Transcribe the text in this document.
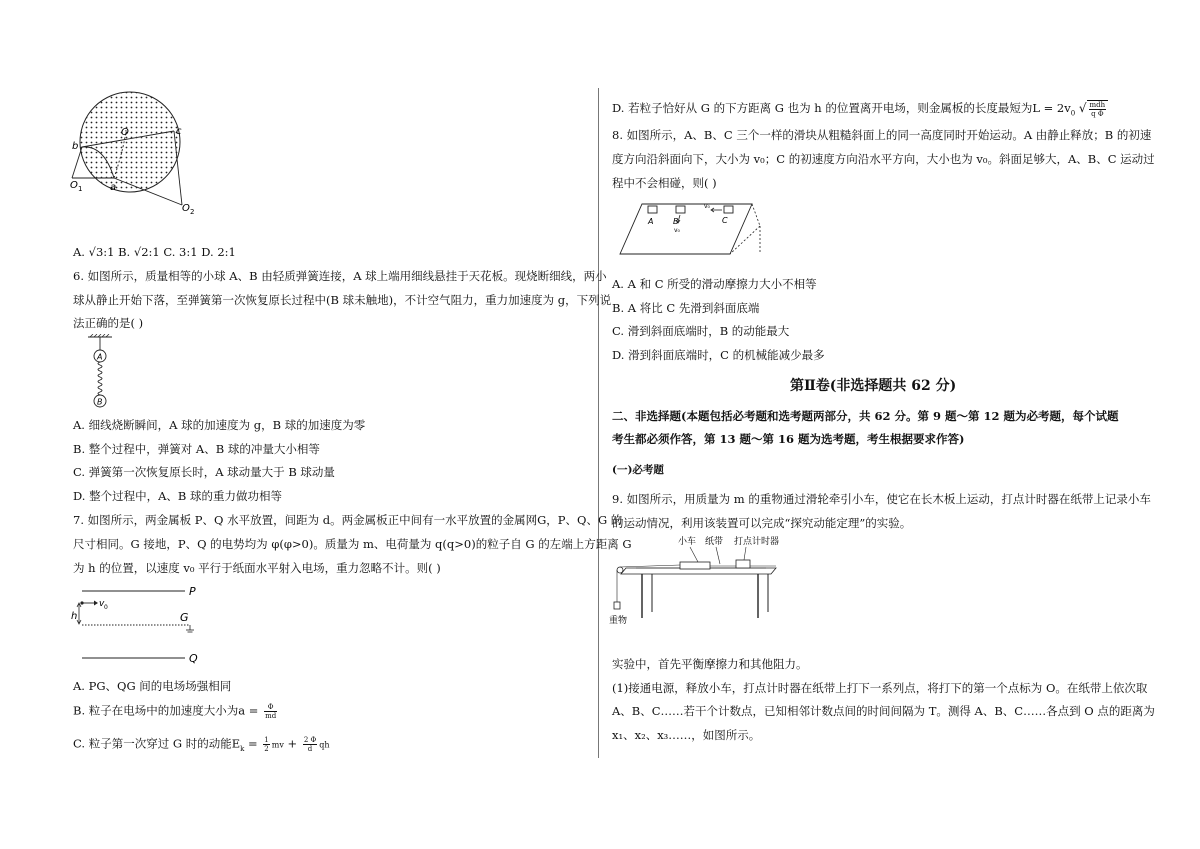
b
O	c
O 1	a
O 2
A. √3:1 B. √2:1 C. 3:1 D. 2:1
6. 如图所示，质量相等的小球 A、B 由轻质弹簧连接，A 球上端用细线悬挂于天花板。现烧断细线，两小
球从静止开始下落，至弹簧第一次恢复原长过程中(B 球未触地)，不计空气阻力，重力加速度为 g，下列说
法正确的是( )
A
B
A. 细线烧断瞬间，A 球的加速度为 g，B 球的加速度为零
B. 整个过程中，弹簧对 A、B 球的冲量大小相等
C. 弹簧第一次恢复原长时，A 球动量大于 B 球动量
D. 整个过程中，A、B 球的重力做功相等
7. 如图所示，两金属板 P、Q 水平放置，间距为 d。两金属板正中间有一水平放置的金属网G，P、Q、G 的
尺寸相同。G 接地，P、Q 的电势均为 φ(φ>0)。质量为 m、电荷量为 q(q>0)的粒子自 G 的左端上方距离 G
为 h 的位置，以速度 v₀ 平行于纸面水平射入电场，重力忽略不计。则( )
P
v 0
h	G
Q
A. PG、QG 间的电场场强相同
B. 粒子在电场中的加速度大小为$a = \frac{\Phi}{md}$
C. 粒子第一次穿过 G 时的动能$E_k = \frac{1}{2}$ mv + $\frac{2 \Phi}{d}$ qh
D. 若粒子恰好从 G 的下方距离 G 也为 h 的位置离开电场，则金属板的长度最短为$L = 2v_0$ √ $\frac{\text{mdh}}{\text{q Φ}}$
8. 如图所示，A、B、C 三个一样的滑块从粗糙斜面上的同一高度同时开始运动。A 由静止释放；B 的初速
度方向沿斜面向下，大小为 v₀；C 的初速度方向沿水平方向，大小也为 v₀。斜面足够大，A、B、C 运动过
程中不会相碰，则( )
A B	C
v₀
v₀
A. A 和 C 所受的滑动摩擦力大小不相等
B. A 将比 C 先滑到斜面底端
C. 滑到斜面底端时，B 的动能最大
D. 滑到斜面底端时，C 的机械能减少最多
第Ⅱ卷(非选择题共 62 分)
二、非选择题(本题包括必考题和选考题两部分，共 62 分。第 9 题～第 12 题为必考题，每个试题
考生都必须作答，第 13 题～第 16 题为选考题，考生根据要求作答)
(一)必考题
9. 如图所示，用质量为 m 的重物通过滑轮牵引小车，使它在长木板上运动，打点计时器在纸带上记录小车
的运动情况，利用该装置可以完成“探究动能定理”的实验。
小车 纸带 打点计时器
重物
实验中，首先平衡摩擦力和其他阻力。
(1)接通电源，释放小车，打点计时器在纸带上打下一系列点，将打下的第一个点标为 O。在纸带上依次取
A、B、C……若干个计数点，已知相邻计数点间的时间间隔为 T。测得 A、B、C……各点到 O 点的距离为
x₁、x₂、x₃……，如图所示。
